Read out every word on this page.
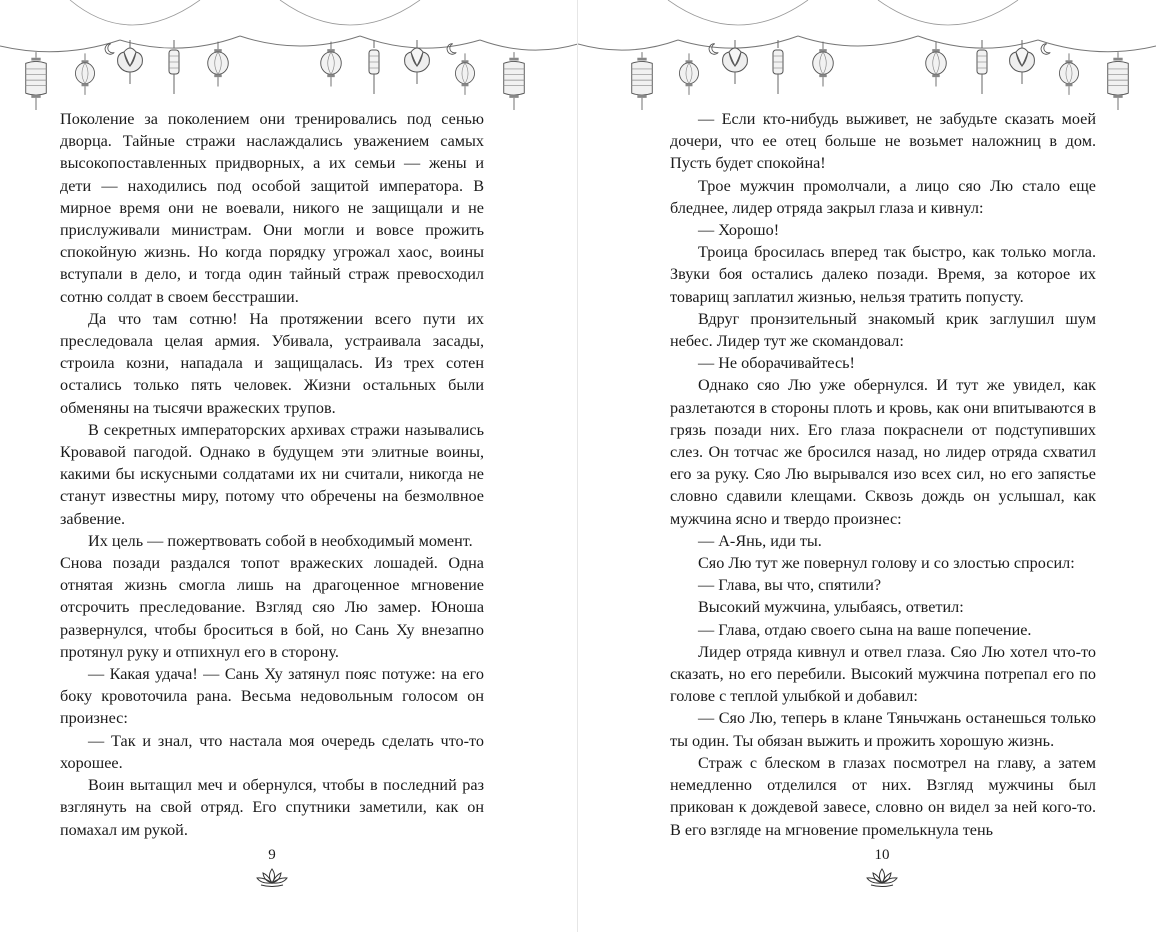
Поколение за поколением они тренировались под сенью дворца. Тайные стражи наслаждались уважением самых высокопоставленных придворных, а их семьи — жены и дети — находились под особой защитой императора. В мирное время они не воевали, никого не защищали и не прислуживали министрам. Они могли и вовсе прожить спокойную жизнь. Но когда порядку угрожал хаос, воины вступали в дело, и тогда один тайный страж превосходил сотню солдат в своем бесстрашии.

Да что там сотню! На протяжении всего пути их преследовала целая армия. Убивала, устраивала засады, строила козни, нападала и защищалась. Из трех сотен остались только пять человек. Жизни остальных были обменяны на тысячи вражеских трупов.

В секретных императорских архивах стражи назывались Кровавой пагодой. Однако в будущем эти элитные воины, какими бы искусными солдатами их ни считали, никогда не станут известны миру, потому что обречены на безмолвное забвение.

Их цель — пожертвовать собой в необходимый момент.

Снова позади раздался топот вражеских лошадей. Одна отнятая жизнь смогла лишь на драгоценное мгновение отсрочить преследование. Взгляд сяо Лю замер. Юноша развернулся, чтобы броситься в бой, но Сань Ху внезапно протянул руку и отпихнул его в сторону.

— Какая удача! — Сань Ху затянул пояс потуже: на его боку кровоточила рана. Весьма недовольным голосом он произнес:

— Так и знал, что настала моя очередь сделать что-то хорошее.

Воин вытащил меч и обернулся, чтобы в последний раз взглянуть на свой отряд. Его спутники заметили, как он помахал им рукой.

9

— Если кто-нибудь выживет, не забудьте сказать моей дочери, что ее отец больше не возьмет наложниц в дом. Пусть будет спокойна!

Трое мужчин промолчали, а лицо сяо Лю стало еще бледнее, лидер отряда закрыл глаза и кивнул:

— Хорошо!

Троица бросилась вперед так быстро, как только могла. Звуки боя остались далеко позади. Время, за которое их товарищ заплатил жизнью, нельзя тратить попусту.

Вдруг пронзительный знакомый крик заглушил шум небес. Лидер тут же скомандовал:

— Не оборачивайтесь!

Однако сяо Лю уже обернулся. И тут же увидел, как разлетаются в стороны плоть и кровь, как они впитываются в грязь позади них. Его глаза покраснели от подступивших слез. Он тотчас же бросился назад, но лидер отряда схватил его за руку. Сяо Лю вырывался изо всех сил, но его запястье словно сдавили клещами. Сквозь дождь он услышал, как мужчина ясно и твердо произнес:

— А-Янь, иди ты.

Сяо Лю тут же повернул голову и со злостью спросил:

— Глава, вы что, спятили?

Высокий мужчина, улыбаясь, ответил:

— Глава, отдаю своего сына на ваше попечение.

Лидер отряда кивнул и отвел глаза. Сяо Лю хотел что-то сказать, но его перебили. Высокий мужчина потрепал его по голове с теплой улыбкой и добавил:

— Сяо Лю, теперь в клане Тяньчжань останешься только ты один. Ты обязан выжить и прожить хорошую жизнь.

Страж с блеском в глазах посмотрел на главу, а затем немедленно отделился от них. Взгляд мужчины был прикован к дождевой завесе, словно он видел за ней кого-то. В его взгляде на мгновение промелькнула тень

10
